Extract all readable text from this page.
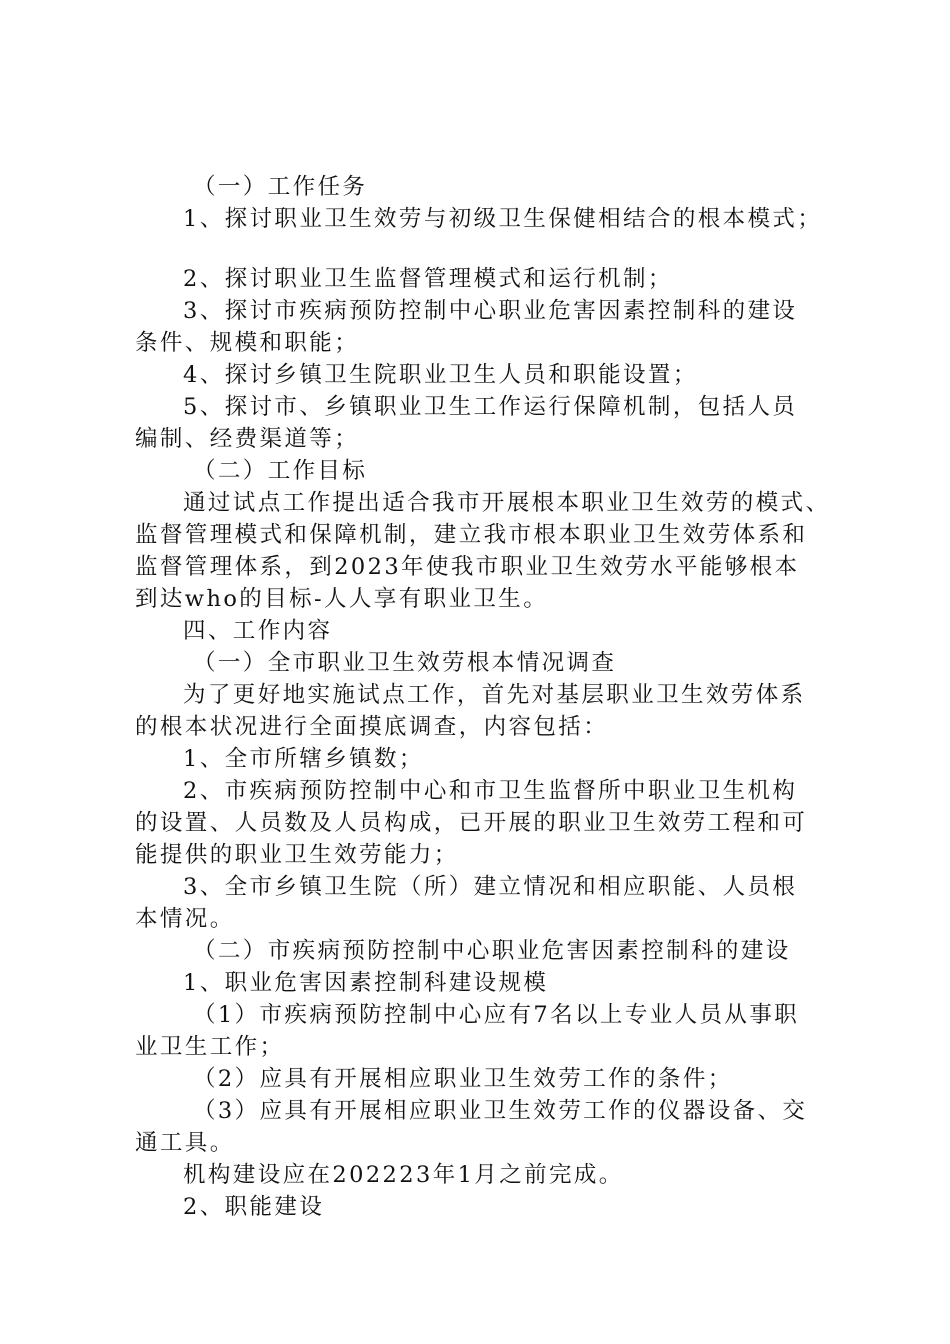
（一）工作任务

1、探讨职业卫生效劳与初级卫生保健相结合的根本模式；

2、探讨职业卫生监督管理模式和运行机制；

3、探讨市疾病预防控制中心职业危害因素控制科的建设

条件、规模和职能；

4、探讨乡镇卫生院职业卫生人员和职能设置；

5、探讨市、乡镇职业卫生工作运行保障机制，包括人员

编制、经费渠道等；

（二）工作目标

通过试点工作提出适合我市开展根本职业卫生效劳的模式、

监督管理模式和保障机制，建立我市根本职业卫生效劳体系和

监督管理体系，到2023年使我市职业卫生效劳水平能够根本

到达who的目标-人人享有职业卫生。

四、工作内容

（一）全市职业卫生效劳根本情况调查

为了更好地实施试点工作，首先对基层职业卫生效劳体系

的根本状况进行全面摸底调查，内容包括：

1、全市所辖乡镇数；

2、市疾病预防控制中心和市卫生监督所中职业卫生机构

的设置、人员数及人员构成，已开展的职业卫生效劳工程和可

能提供的职业卫生效劳能力；

3、全市乡镇卫生院（所）建立情况和相应职能、人员根

本情况。

（二）市疾病预防控制中心职业危害因素控制科的建设

1、职业危害因素控制科建设规模

（1）市疾病预防控制中心应有7名以上专业人员从事职

业卫生工作；

（2）应具有开展相应职业卫生效劳工作的条件；

（3）应具有开展相应职业卫生效劳工作的仪器设备、交

通工具。

机构建设应在202223年1月之前完成。

2、职能建设
